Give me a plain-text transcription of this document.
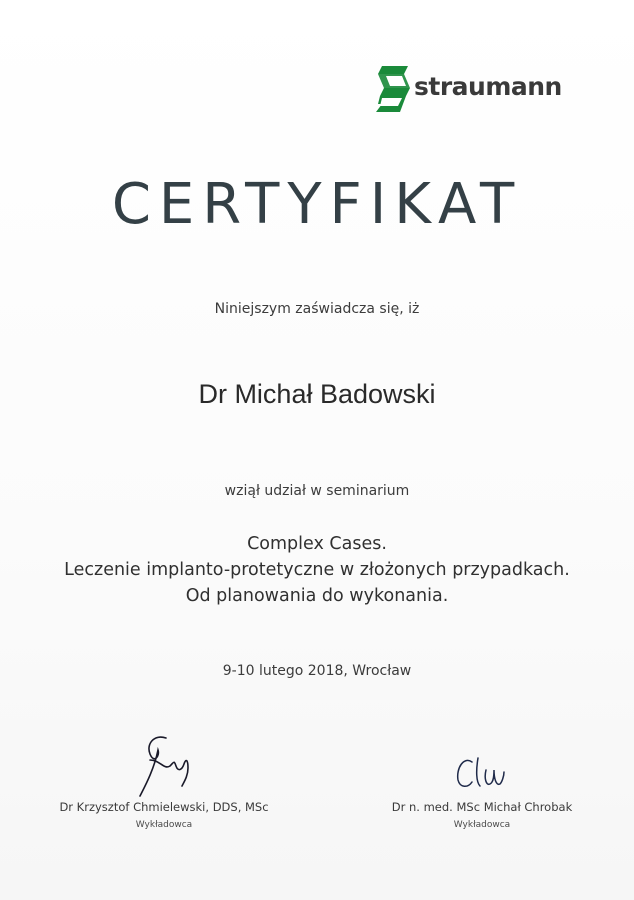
straumann
CERTYFIKAT
Niniejszym zaświadcza się, iż
Dr Michał Badowski
wziął udział w seminarium
Complex Cases.
Leczenie implanto-protetyczne w złożonych przypadkach.
Od planowania do wykonania.
9-10 lutego 2018, Wrocław
Dr Krzysztof Chmielewski, DDS, MSc
Wykładowca
Dr n. med. MSc Michał Chrobak
Wykładowca
